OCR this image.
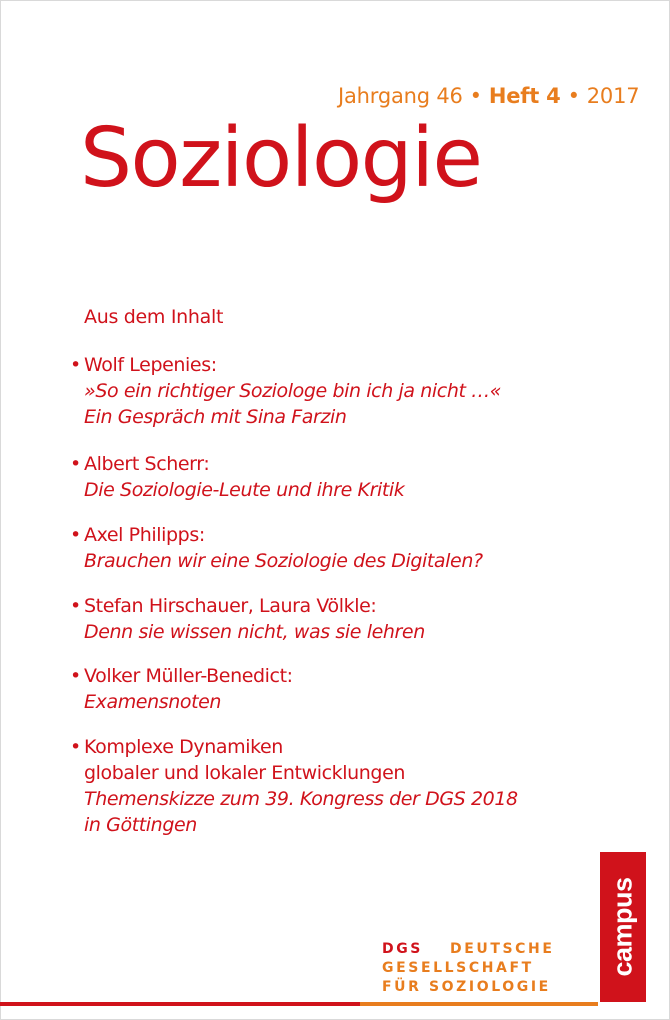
Jahrgang 46 • Heft 4 • 2017
Soziologie
Aus dem Inhalt
• Wolf Lepenies:
»So ein richtiger Soziologe bin ich ja nicht …«
Ein Gespräch mit Sina Farzin
• Albert Scherr:
Die Soziologie-Leute und ihre Kritik
• Axel Philipps:
Brauchen wir eine Soziologie des Digitalen?
• Stefan Hirschauer, Laura Völkle:
Denn sie wissen nicht, was sie lehren
• Volker Müller-Benedict:
Examensnoten
• Komplexe Dynamiken
globaler und lokaler Entwicklungen
Themenskizze zum 39. Kongress der DGS 2018
in Göttingen
DGS DEUTSCHE
GESELLSCHAFT
FÜR SOZIOLOGIE
campus
